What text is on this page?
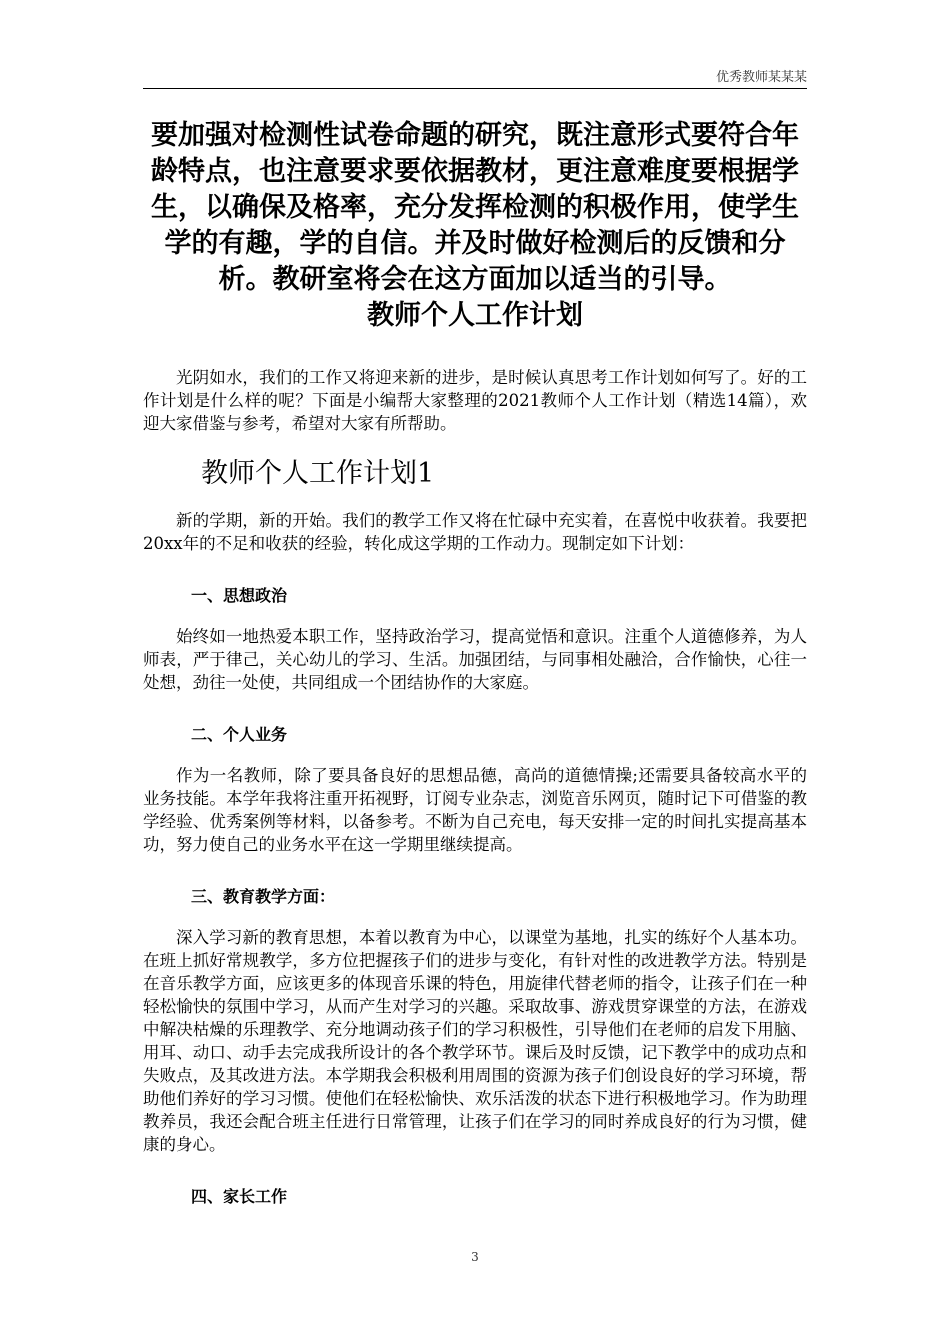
优秀教师某某某
要加强对检测性试卷命题的研究，既注意形式要符合年龄特点，也注意要求要依据教材，更注意难度要根据学生，以确保及格率，充分发挥检测的积极作用，使学生学的有趣，学的自信。并及时做好检测后的反馈和分析。教研室将会在这方面加以适当的引导。
教师个人工作计划

光阴如水，我们的工作又将迎来新的进步，是时候认真思考工作计划如何写了。好的工作计划是什么样的呢？下面是小编帮大家整理的2021教师个人工作计划（精选14篇），欢迎大家借鉴与参考，希望对大家有所帮助。

教师个人工作计划1

新的学期，新的开始。我们的教学工作又将在忙碌中充实着，在喜悦中收获着。我要把20xx年的不足和收获的经验，转化成这学期的工作动力。现制定如下计划：

一、思想政治

始终如一地热爱本职工作，坚持政治学习，提高觉悟和意识。注重个人道德修养，为人师表，严于律己，关心幼儿的学习、生活。加强团结，与同事相处融洽，合作愉快，心往一处想，劲往一处使，共同组成一个团结协作的大家庭。

二、个人业务

作为一名教师，除了要具备良好的思想品德，高尚的道德情操;还需要具备较高水平的业务技能。本学年我将注重开拓视野，订阅专业杂志，浏览音乐网页，随时记下可借鉴的教学经验、优秀案例等材料，以备参考。不断为自己充电，每天安排一定的时间扎实提高基本功，努力使自己的业务水平在这一学期里继续提高。

三、教育教学方面：

深入学习新的教育思想，本着以教育为中心，以课堂为基地，扎实的练好个人基本功。在班上抓好常规教学，多方位把握孩子们的进步与变化，有针对性的改进教学方法。特别是在音乐教学方面，应该更多的体现音乐课的特色，用旋律代替老师的指令，让孩子们在一种轻松愉快的氛围中学习，从而产生对学习的兴趣。采取故事、游戏贯穿课堂的方法，在游戏中解决枯燥的乐理教学、充分地调动孩子们的学习积极性，引导他们在老师的启发下用脑、用耳、动口、动手去完成我所设计的各个教学环节。课后及时反馈，记下教学中的成功点和失败点，及其改进方法。本学期我会积极利用周围的资源为孩子们创设良好的学习环境，帮助他们养好的学习习惯。使他们在轻松愉快、欢乐活泼的状态下进行积极地学习。作为助理教养员，我还会配合班主任进行日常管理，让孩子们在学习的同时养成良好的行为习惯，健康的身心。

四、家长工作
3
